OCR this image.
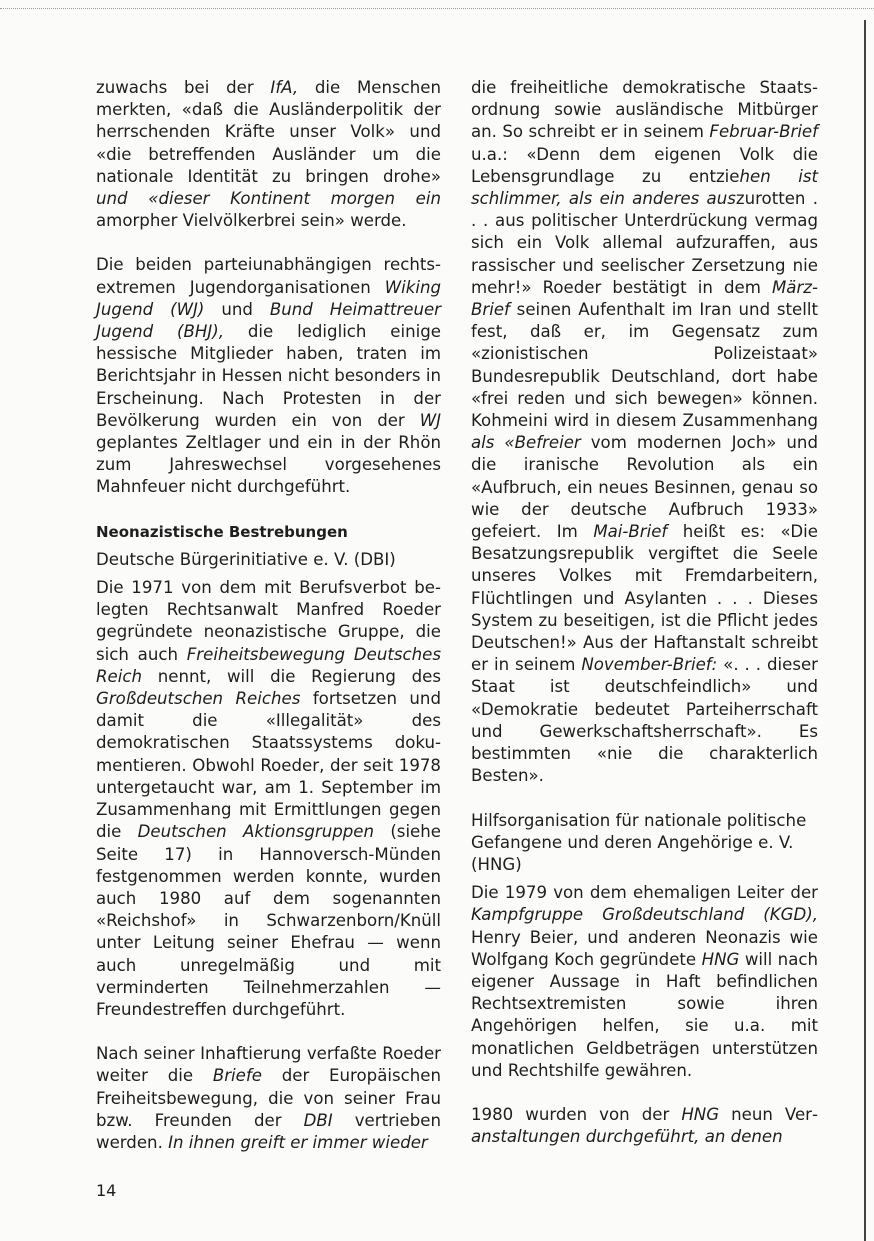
zuwachs bei der IfA, die Menschen merkten, «daß die Ausländerpolitik der herrschenden Kräfte unser Volk» und «die betreffenden Ausländer um die nationale Identität zu bringen drohe» und «dieser Kontinent morgen ein amorpher Vielvölkerbrei sein» werde.

Die beiden parteiunabhängigen rechtsextremen Jugendorganisationen Wiking Jugend (WJ) und Bund Heimattreuer Jugend (BHJ), die lediglich einige hessische Mitglieder haben, traten im Berichtsjahr in Hessen nicht besonders in Erscheinung. Nach Protesten in der Bevölkerung wurden ein von der WJ geplantes Zeltlager und ein in der Rhön zum Jahreswechsel vorgesehenes Mahnfeuer nicht durchgeführt.

Neonazistische Bestrebungen

Deutsche Bürgerinitiative e. V. (DBI)

Die 1971 von dem mit Berufsverbot belegten Rechtsanwalt Manfred Roeder gegründete neonazistische Gruppe, die sich auch Freiheitsbewegung Deutsches Reich nennt, will die Regierung des Großdeutschen Reiches fortsetzen und damit die «Illegalität» des demokratischen Staatssystems dokumentieren. Obwohl Roeder, der seit 1978 untergetaucht war, am 1. September im Zusammenhang mit Ermittlungen gegen die Deutschen Aktionsgruppen (siehe Seite 17) in Hannoversch-Münden festgenommen werden konnte, wurden auch 1980 auf dem sogenannten «Reichshof» in Schwarzenborn/Knüll unter Leitung seiner Ehefrau — wenn auch unregelmäßig und mit verminderten Teilnehmerzahlen — Freundestreffen durchgeführt.

Nach seiner Inhaftierung verfaßte Roeder weiter die Briefe der Europäischen Freiheitsbewegung, die von seiner Frau bzw. Freunden der DBI vertrieben werden. In ihnen greift er immer wieder

die freiheitliche demokratische Staatsordnung sowie ausländische Mitbürger an. So schreibt er in seinem Februar-Brief u.a.: «Denn dem eigenen Volk die Lebensgrundlage zu entziehen ist schlimmer, als ein anderes auszurotten . . . aus politischer Unterdrückung vermag sich ein Volk allemal aufzuraffen, aus rassischer und seelischer Zersetzung nie mehr!» Roeder bestätigt in dem März-Brief seinen Aufenthalt im Iran und stellt fest, daß er, im Gegensatz zum «zionistischen Polizeistaat» Bundesrepublik Deutschland, dort habe «frei reden und sich bewegen» können. Kohmeini wird in diesem Zusammenhang als «Befreier vom modernen Joch» und die iranische Revolution als ein «Aufbruch, ein neues Besinnen, genau so wie der deutsche Aufbruch 1933» gefeiert. Im Mai-Brief heißt es: «Die Besatzungsrepublik vergiftet die Seele unseres Volkes mit Fremdarbeitern, Flüchtlingen und Asylanten . . . Dieses System zu beseitigen, ist die Pflicht jedes Deutschen!» Aus der Haftanstalt schreibt er in seinem November-Brief: «. . . dieser Staat ist deutschfeindlich» und «Demokratie bedeutet Parteiherrschaft und Gewerkschaftsherrschaft». Es bestimmten «nie die charakterlich Besten».

Hilfsorganisation für nationale politische Gefangene und deren Angehörige e. V. (HNG)

Die 1979 von dem ehemaligen Leiter der Kampfgruppe Großdeutschland (KGD), Henry Beier, und anderen Neonazis wie Wolfgang Koch gegründete HNG will nach eigener Aussage in Haft befindlichen Rechtsextremisten sowie ihren Angehörigen helfen, sie u.a. mit monatlichen Geldbeträgen unterstützen und Rechtshilfe gewähren.

1980 wurden von der HNG neun Veranstaltungen durchgeführt, an denen

14
